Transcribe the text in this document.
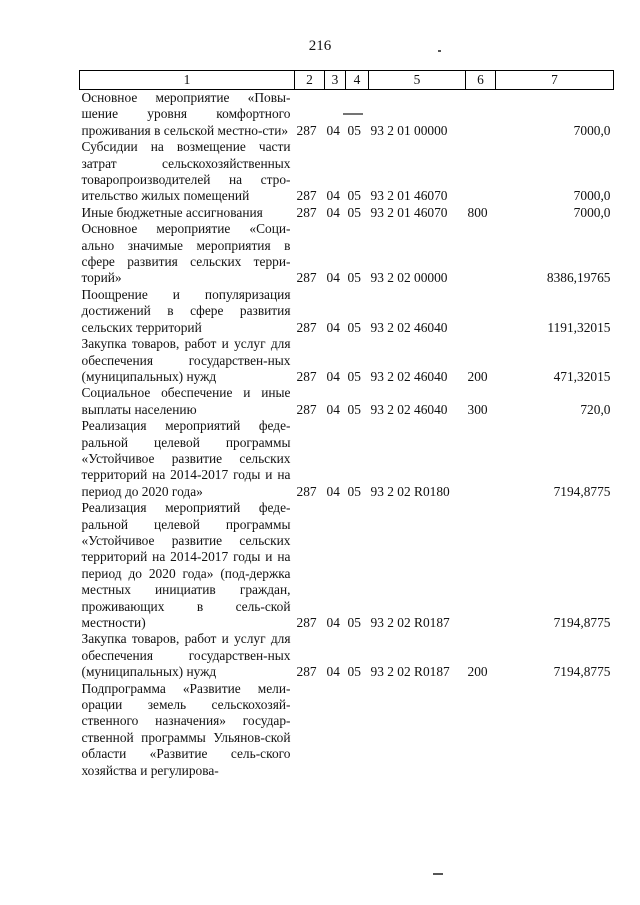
216
1	2	3	4	5	6	7
Основное мероприятие «Повы-шение уровня комфортного проживания в сельской местно-сти»	287	04	05	93 2 01 00000		7000,0
Субсидии на возмещение части затрат сельскохозяйственных товаропроизводителей на стро-ительство жилых помещений	287	04	05	93 2 01 46070		7000,0
Иные бюджетные ассигнования	287	04	05	93 2 01 46070	800	7000,0
Основное мероприятие «Соци-ально значимые мероприятия в сфере развития сельских терри-торий»	287	04	05	93 2 02 00000		8386,19765
Поощрение и популяризация достижений в сфере развития сельских территорий	287	04	05	93 2 02 46040		1191,32015
Закупка товаров, работ и услуг для обеспечения государствен-ных (муниципальных) нужд	287	04	05	93 2 02 46040	200	471,32015
Социальное обеспечение и иные выплаты населению	287	04	05	93 2 02 46040	300	720,0
Реализация мероприятий феде-ральной целевой программы «Устойчивое развитие сельских территорий на 2014-2017 годы и на период до 2020 года»	287	04	05	93 2 02 R0180		7194,8775
Реализация мероприятий феде-ральной целевой программы «Устойчивое развитие сельских территорий на 2014-2017 годы и на период до 2020 года» (под-держка местных инициатив граждан, проживающих в сель-ской местности)	287	04	05	93 2 02 R0187		7194,8775
Закупка товаров, работ и услуг для обеспечения государствен-ных (муниципальных) нужд	287	04	05	93 2 02 R0187	200	7194,8775
Подпрограмма «Развитие мели-орации земель сельскохозяй-ственного назначения» государ-ственной программы Ульянов-ской области «Развитие сель-ского хозяйства и регулирова-						
